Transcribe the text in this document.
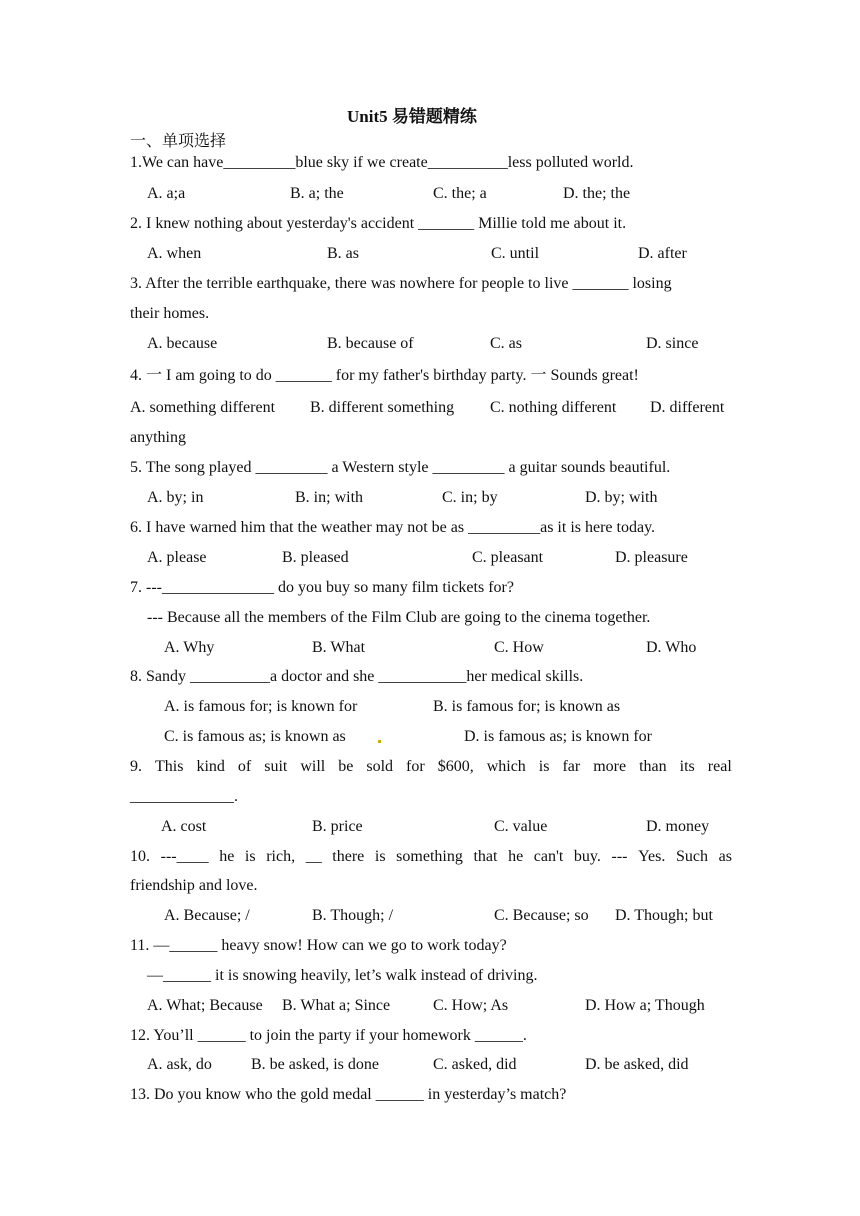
Unit5 易错题精练
一、单项选择
1.We can have_________blue sky if we create__________less polluted world.
A. a;a	B. a; the	C. the; a	D. the; the
2. I knew nothing about yesterday's accident _______ Millie told me about it.
A. when	B. as	C. until	D. after
3. After the terrible earthquake, there was nowhere for people to live _______ losing
their homes.
A. because	B. because of	C. as	D. since
4. 一 I am going to do _______ for my father's birthday party. 一 Sounds great!
A. something different B. different something C. nothing different D. different
anything
5. The song played _________ a Western style _________ a guitar sounds beautiful.
A. by; in	B. in; with	C. in; by	D. by; with
6. I have warned him that the weather may not be as _________as it is here today.
A. please	B. pleased	C. pleasant	D. pleasure
7. ---______________ do you buy so many film tickets for?
--- Because all the members of the Film Club are going to the cinema together.
A. Why	B. What	C. How	D. Who
8. Sandy __________a doctor and she ___________her medical skills.
A. is famous for; is known for	B. is famous for; is known as
C. is famous as; is known as	D. is famous as; is known for
9. This kind of suit will be sold for $600, which is far more than its real
_____________.
A. cost	B. price	C. value	D. money
10. ---____ he is rich, __ there is something that he can't buy. --- Yes. Such as
friendship and love.
A. Because; /	B. Though; /	C. Because; so D. Though; but
11. —______ heavy snow! How can we go to work today?
—______ it is snowing heavily, let’s walk instead of driving.
A. What; Because B. What a; Since	C. How; As	D. How a; Though
12. You’ll ______ to join the party if your homework ______.
A. ask, do B. be asked, is done	C. asked, did	D. be asked, did
13. Do you know who the gold medal ______ in yesterday’s match?
